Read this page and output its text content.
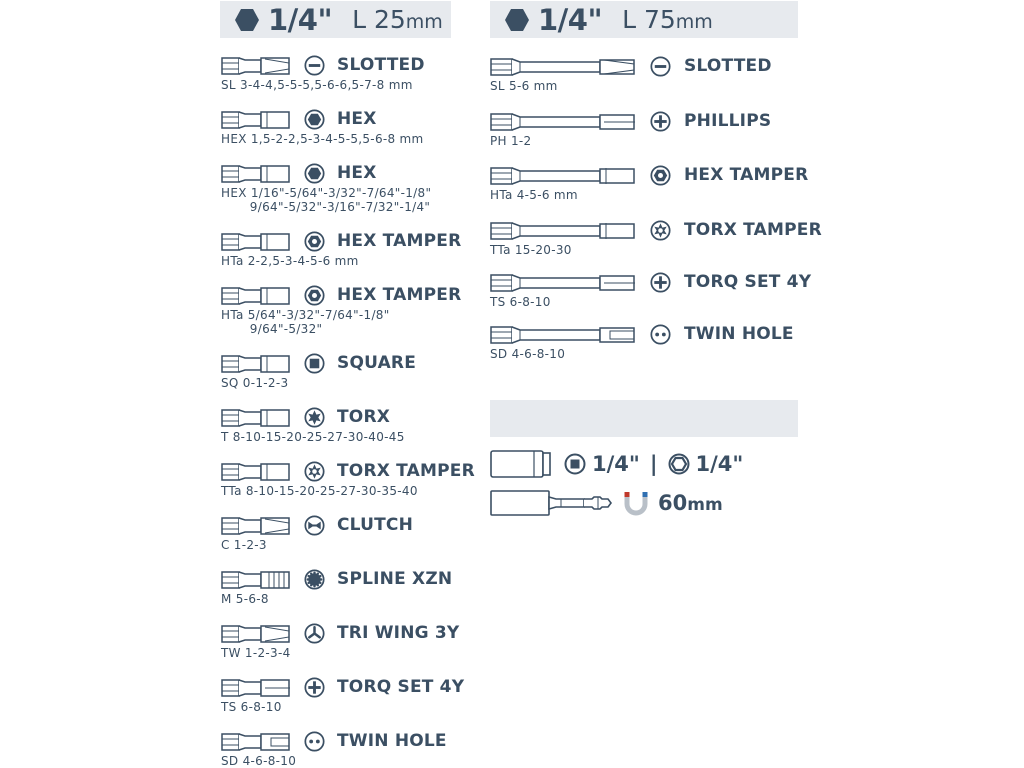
1/4" L 25mm
SLOTTED
SL 3-4-4,5-5-5,5-6-6,5-7-8 mm
HEX
HEX 1,5-2-2,5-3-4-5-5,5-6-8 mm
HEX
HEX 1/16"-5/64"-3/32"-7/64"-1/8"
9/64"-5/32"-3/16"-7/32"-1/4"
HEX TAMPER
HTa 2-2,5-3-4-5-6 mm
HEX TAMPER
HTa 5/64"-3/32"-7/64"-1/8"
9/64"-5/32"
SQUARE
SQ 0-1-2-3
TORX
T 8-10-15-20-25-27-30-40-45
TORX TAMPER
TTa 8-10-15-20-25-27-30-35-40
CLUTCH
C 1-2-3
SPLINE XZN
M 5-6-8
TRI WING 3Y
TW 1-2-3-4
TORQ SET 4Y
TS 6-8-10
TWIN HOLE
SD 4-6-8-10
1/4" L 75mm
SLOTTED
SL 5-6 mm
PHILLIPS
PH 1-2
HEX TAMPER
HTa 4-5-6 mm
TORX TAMPER
TTa 15-20-30
TORQ SET 4Y
TS 6-8-10
TWIN HOLE
SD 4-6-8-10
1/4" | 1/4"
60mm
